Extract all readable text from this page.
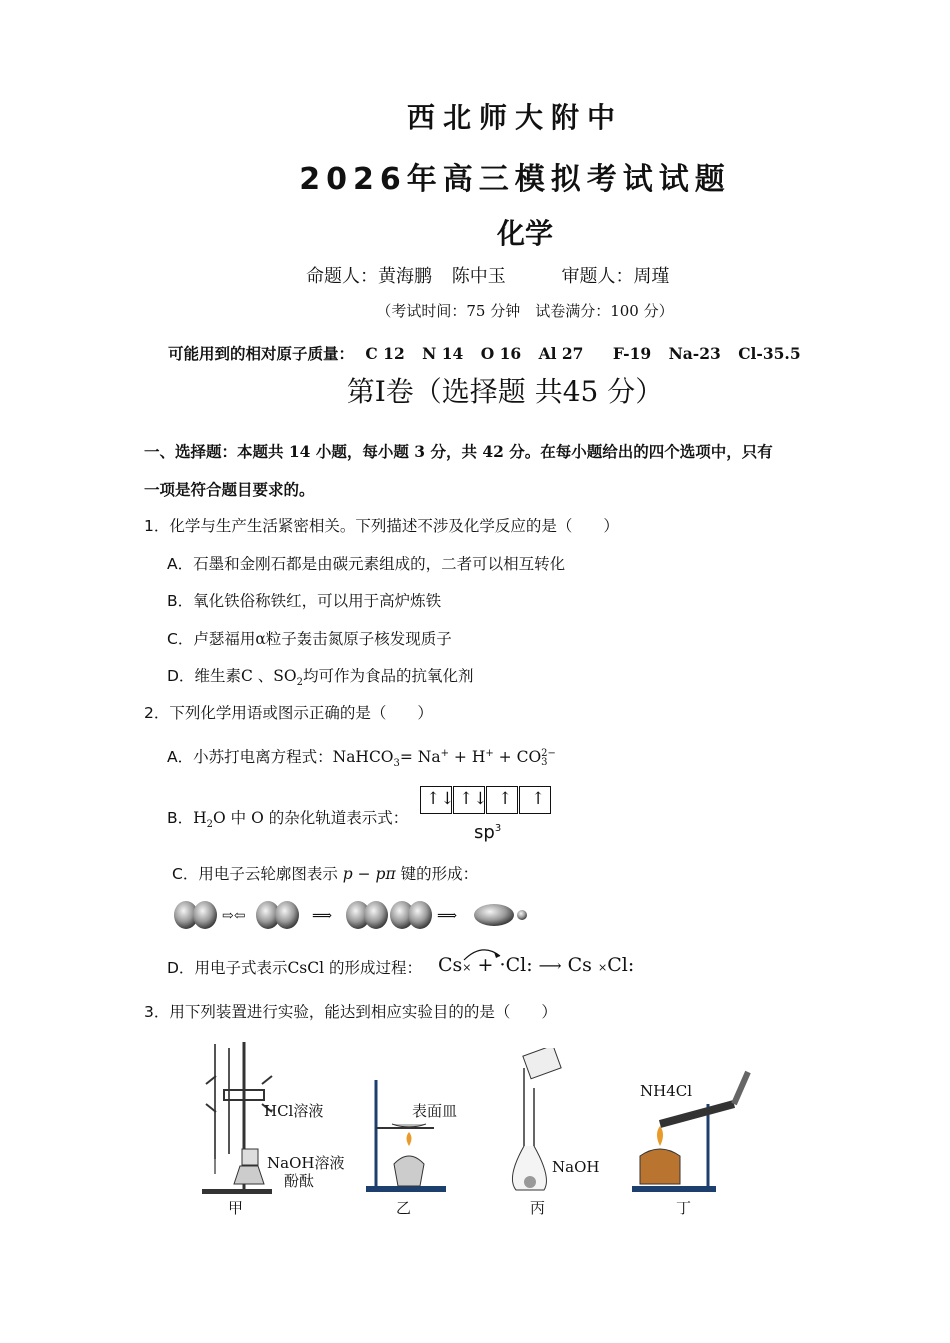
西北师大附中
2026年高三模拟考试试题
化学
命题人：黄海鹏 陈中玉	审题人：周瑾
（考试时间：75 分钟　试卷满分：100 分）
可能用到的相对原子质量： C 12 N 14 O 16 Al 27 F-19 Na-23 Cl-35.5
第I卷（选择题 共45 分）
一、选择题：本题共 14 小题，每小题 3 分，共 42 分。在每小题给出的四个选项中，只有
一项是符合题目要求的。
1．化学与生产生活紧密相关。下列描述不涉及化学反应的是（　　）
A．石墨和金刚石都是由碳元素组成的，二者可以相互转化
B．氧化铁俗称铁红，可以用于高炉炼铁
C．卢瑟福用α粒子轰击氮原子核发现质子
D．维生素C 、$SO_2$均可作为食品的抗氧化剂
2．下列化学用语或图示正确的是（　　）
A．小苏打电离方程式：NaHCO$_3$= Na+ + H+ + CO 2−
3
B．$H_2O$ 中 O 的杂化轨道表示式：
↑↓ ↑↓ ↑ ↑
$sp^3$
C．用电子云轮廓图表示 p − pπ 键的形成：
⇨⇦	⟹	⟹
D．用电子式表示CsCl 的形成过程： Cs× + ·Cl: ⟶ Cs ×Cl:
3．用下列装置进行实验，能达到相应实验目的的是（　　）
HCl溶液
NaOH溶液
酚酞
甲
表面皿
乙
NaOH
丙
NH4Cl
丁
